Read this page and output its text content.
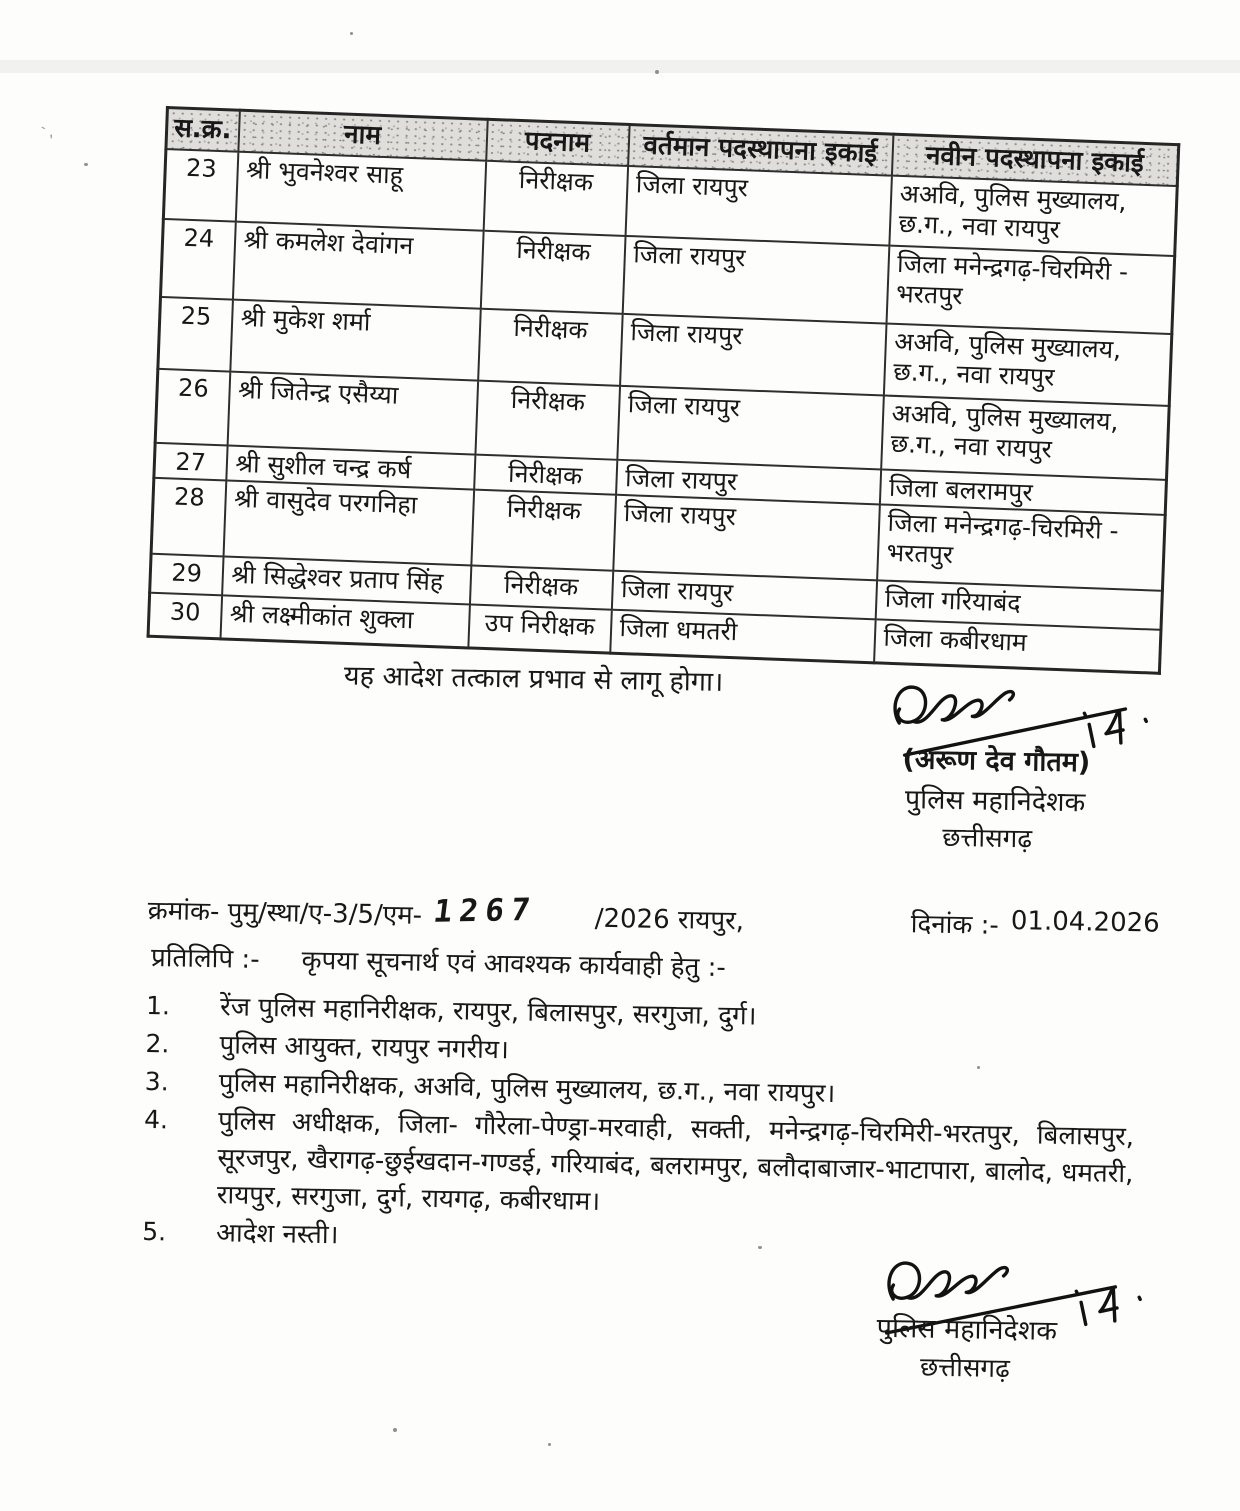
`‚	स.क्र.	नाम	पदनाम	वर्तमान पदस्थापना इकाई	नवीन पदस्थापना इकाई
23	श्री भुवनेश्वर साहू	निरीक्षक	जिला रायपुर	अअवि, पुलिस मुख्यालय, छ.ग., नवा रायपुर
24	श्री कमलेश देवांगन	निरीक्षक	जिला रायपुर	जिला मनेन्द्रगढ़-चिरमिरी - भरतपुर
25	श्री मुकेश शर्मा	निरीक्षक	जिला रायपुर	अअवि, पुलिस मुख्यालय, छ.ग., नवा रायपुर
26	श्री जितेन्द्र एसैय्या	निरीक्षक	जिला रायपुर	अअवि, पुलिस मुख्यालय, छ.ग., नवा रायपुर
27	श्री सुशील चन्द्र कर्ष	निरीक्षक	जिला रायपुर	जिला बलरामपुर
28	श्री वासुदेव परगनिहा	निरीक्षक	जिला रायपुर	जिला मनेन्द्रगढ़-चिरमिरी - भरतपुर
29	श्री सिद्धेश्वर प्रताप सिंह	निरीक्षक	जिला रायपुर	जिला गरियाबंद
30	श्री लक्ष्मीकांत शुक्ला	उप निरीक्षक	जिला धमतरी	जिला कबीरधाम
यह आदेश तत्काल प्रभाव से लागू होगा।
(अरूण देव गौतम)
पुलिस महानिदेशक
छत्तीसगढ़
क्रमांक- पुमु/स्था/ए-3/5/एम- 1267 /2026 रायपुर,	दिनांक :- 01.04.2026
प्रतिलिपि :- कृपया सूचनार्थ एवं आवश्यक कार्यवाही हेतु :-
1.	रेंज पुलिस महानिरीक्षक, रायपुर, बिलासपुर, सरगुजा, दुर्ग।
2.	पुलिस आयुक्त, रायपुर नगरीय।
3.	पुलिस महानिरीक्षक, अअवि, पुलिस मुख्यालय, छ.ग., नवा रायपुर।
4.	पुलिस अधीक्षक, जिला- गौरेला-पेण्ड्रा-मरवाही, सक्ती, मनेन्द्रगढ़-चिरमिरी-भरतपुर, बिलासपुर, सूरजपुर, खैरागढ़-छुईखदान-गण्डई, गरियाबंद, बलरामपुर, बलौदाबाजार-भाटापारा, बालोद, धमतरी, रायपुर, सरगुजा, दुर्ग, रायगढ़, कबीरधाम।
5.	आदेश नस्ती।
पुलिस महानिदेशक
छत्तीसगढ़
